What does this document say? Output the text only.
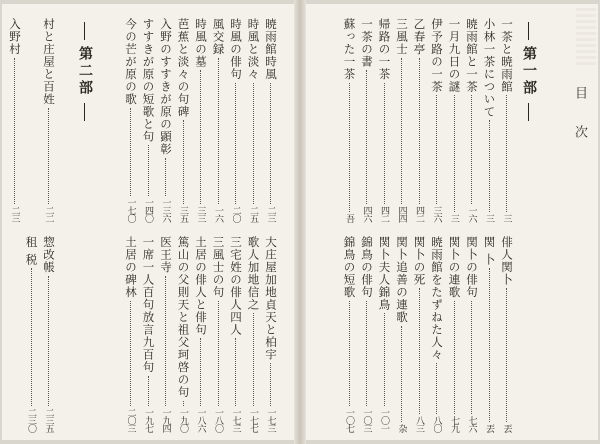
暁雨館時風
二三
時風と淡々
二五
時風の俳句
二〇
風交録
一六
時風の墓
三三
芭蕉と淡々の句碑
三五
入野のすすきが原の顕彰
一三六
すすきが原の短歌と句
一四〇
今の芒が原の歌
一七〇
大庄屋加地貞天と柏宇
一七三
歌人加地信之
一七七
三宅姓の俳人四人
一七三
三風士の句
一八〇
土居の俳人と俳句
一八六
篤山の父則天と祖父珂啓の句
一九〇
医王寺
一九四
一席一人百句放言九百句
一九七
土居の碑林
二〇三
第二部
村と庄屋と百姓
二二
惣改帳
二三五
租 税
二三〇
入野村
二三
目次
第一部
一茶と暁雨館
三
小林一茶について
三
暁雨館と一茶
一六
一月九日の謎
三
伊予路の一茶
三六
乙春亭
四二
三風士
四四
帰路の一茶
四二
一茶の書
四六
蘇った一茶
吾
俳人関卜
丟
関 卜
丟
関卜の俳句
七六
関卜の連歌
七九
暁雨館をたずねた人々
八〇
関卜の死
八三
関卜追善の連歌
杂
関卜夫人錦鳥
一〇一
錦鳥の俳句
一〇三
錦鳥の短歌
一〇七
